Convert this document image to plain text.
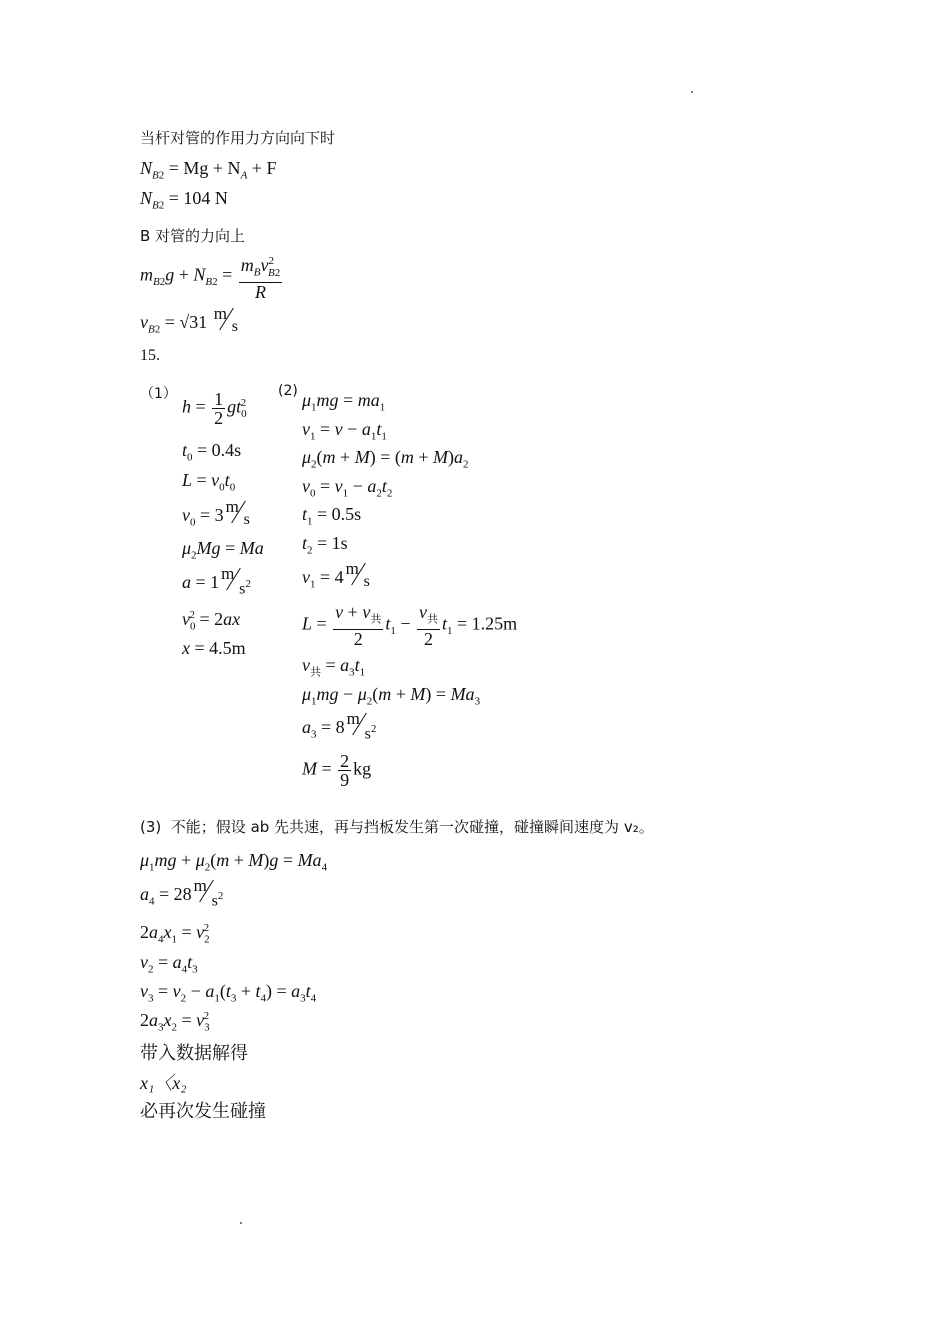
当杆对管的作用力方向向下时
$N_{B2} = Mg + N_A + F$
$N_{B2} = 104$ N
B 对管的力向上
$m_{B2}g + N_{B2} = \frac{m_Bv^2_{B2}}{R}$
$v_{B2} = √31$ m
s
15.
（1）	(2)
$h = \frac{1}{2} gt_0^2$
$t_0 = 0.4s$
$L = v_0t_0$
$v_0 = 3$ m
s
$\mu_2Mg = Ma$
a = 1 m
$s^2$
$v_0^2 = 2ax$
x = 4.5m
$\mu_1mg = ma_1$
$v_1 = v - a_1t_1$
$\mu_2(m + M) = (m + M)a_2$
$v_0 = v_1 - a_2t_2$
$t_1 = 0.5s$
$t_2 = 1s$
$v_1 = 4$ m
s
$L = \frac{v + v_共}{2} t_1 - \frac{v_共}{2} t_1 = 1.25m$
$v_共 = a_3t_1$
$\mu_1mg - \mu_2(m + M) = Ma_3$
$a_3 = 8$ m
$s^2$
$M = \frac{2}{9}$ kg
(3) 不能；假设 ab 先共速，再与挡板发生第一次碰撞，碰撞瞬间速度为 v₂。
$\mu_1mg + \mu_2(m + M)g = Ma_4$
$a_4 = 28$ m
$s^2$
$2a_4x_1 = v_2^2$
$v_2 = a_4t_3$
$v_3 = v_2 - a_1(t_3 + t_4) = a_3t_4$
$2a_3x_2 = v_3^2$
带入数据解得
x₁〈x₂
必再次发生碰撞
